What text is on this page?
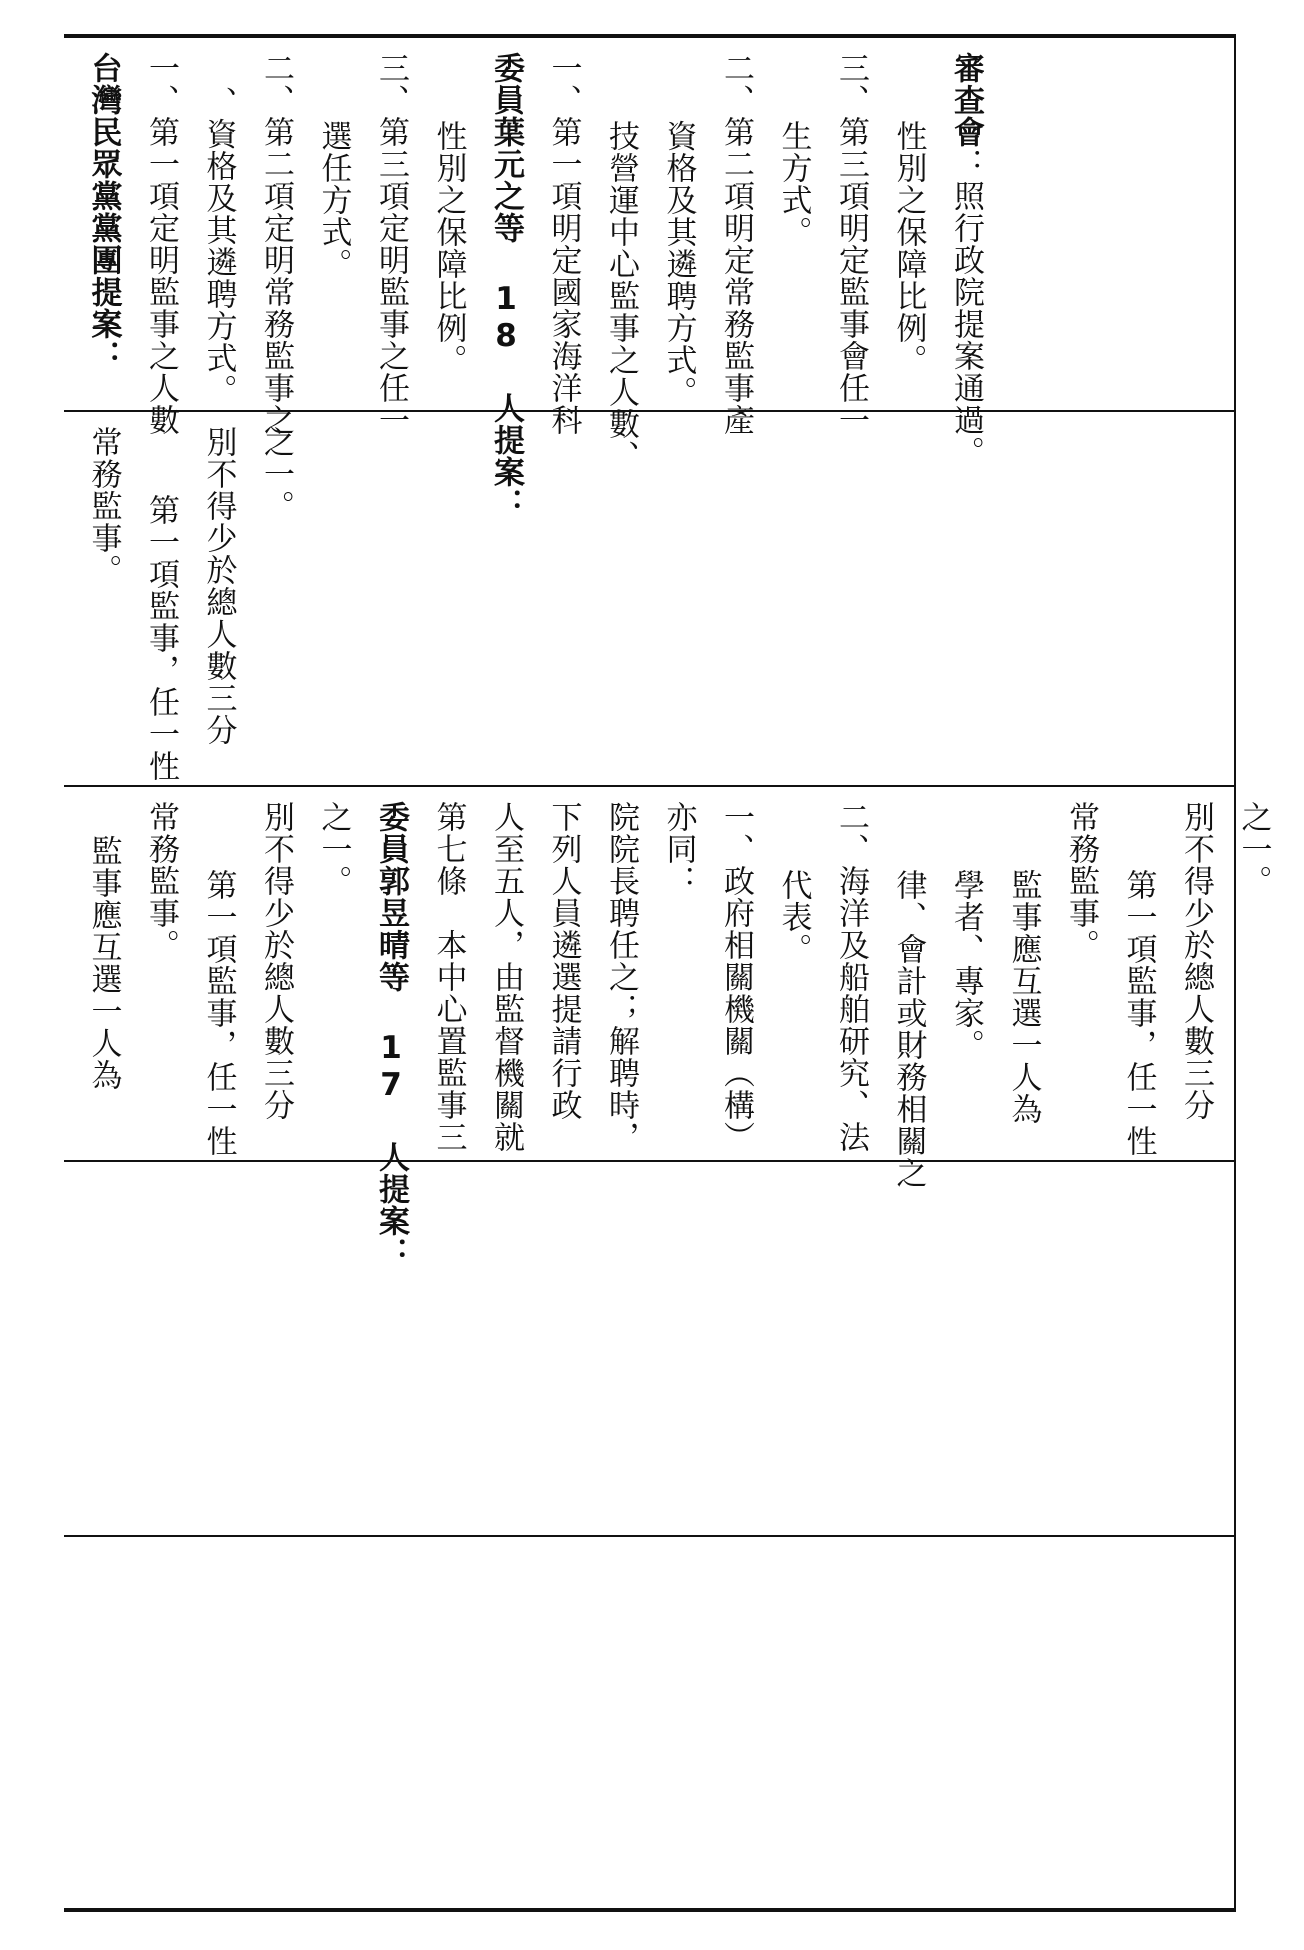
台灣民眾黨黨團提案： 一、第一項定明監事之人數 、資格及其遴聘方式。 二、第二項定明常務監事之 選任方式。 三、第三項定明監事之任一 性別之保障比例。 委員葉元之等 18 人提案： 一、第一項明定國家海洋科 技營運中心監事之人數、 資格及其遴聘方式。 二、第二項明定常務監事產 生方式。 三、第三項明定監事會任一 性別之保障比例。
審查會：照行政院提案通過。
常務監事。 第一項監事，任一性 別不得少於總人數三分 之一。
監事應互選一人為 常務監事。 第一項監事，任一性 別不得少於總人數三分 之一。 委員郭昱晴等 17 人提案： 第七條　本中心置監事三 人至五人，由監督機關就 下列人員遴選提請行政 院院長聘任之；解聘時， 亦同： 一、政府相關機關（構） 代表。 二、海洋及船舶研究、法 律、會計或財務相關之 學者、專家。 監事應互選一人為 常務監事。 第一項監事，任一性 別不得少於總人數三分 之一。
